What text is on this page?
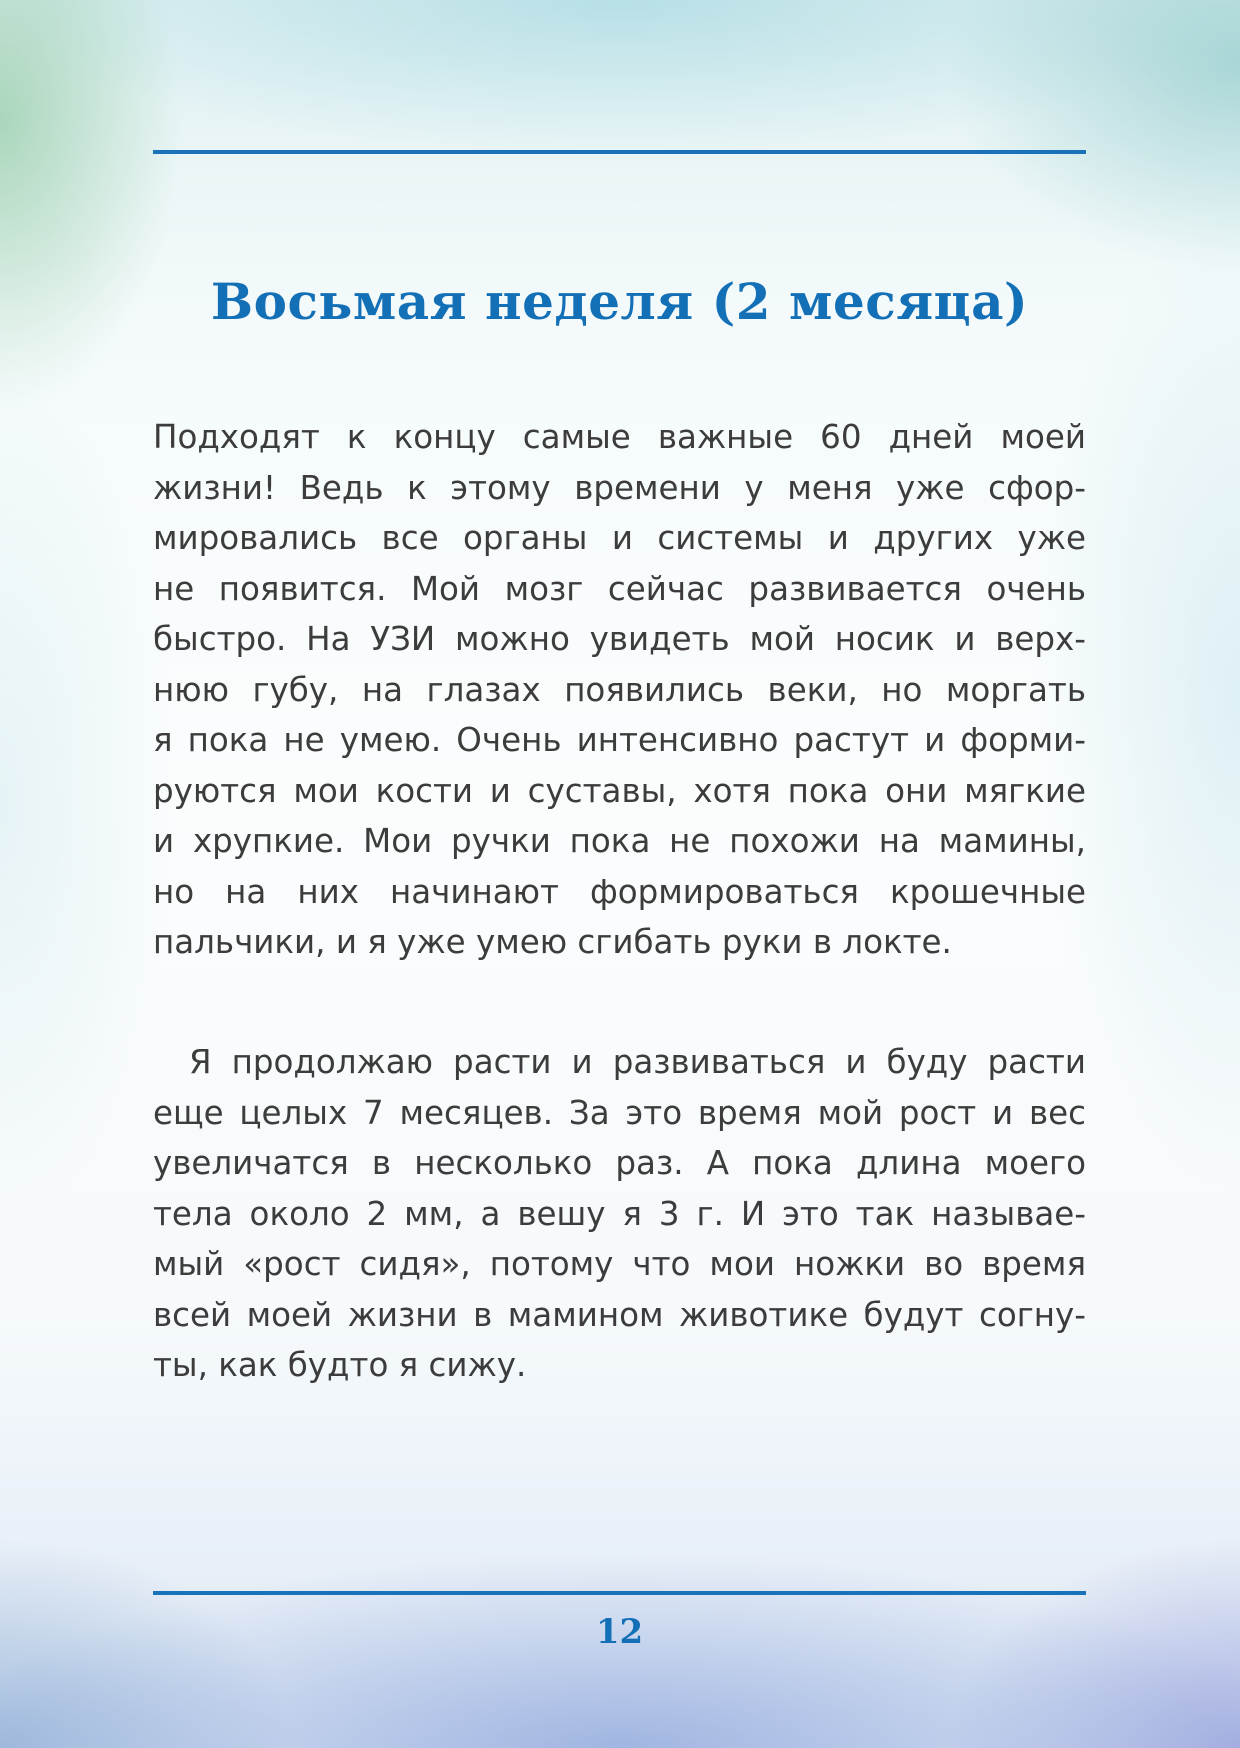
Восьмая неделя (2 месяца)
Подходят к концу самые важные 60 дней моей
жизни! Ведь к этому времени у меня уже сфор-
мировались все органы и системы и других уже
не появится. Мой мозг сейчас развивается очень
быстро. На УЗИ можно увидеть мой носик и верх-
нюю губу, на глазах появились веки, но моргать
я пока не умею. Очень интенсивно растут и форми-
руются мои кости и суставы, хотя пока они мягкие
и хрупкие. Мои ручки пока не похожи на мамины,
но на них начинают формироваться крошечные
пальчики, и я уже умею сгибать руки в локте.
Я продолжаю расти и развиваться и буду расти
еще целых 7 месяцев. За это время мой рост и вес
увеличатся в несколько раз. А пока длина моего
тела около 2 мм, а вешу я 3 г. И это так называе-
мый «рост сидя», потому что мои ножки во время
всей моей жизни в мамином животике будут согну-
ты, как будто я сижу.
12
